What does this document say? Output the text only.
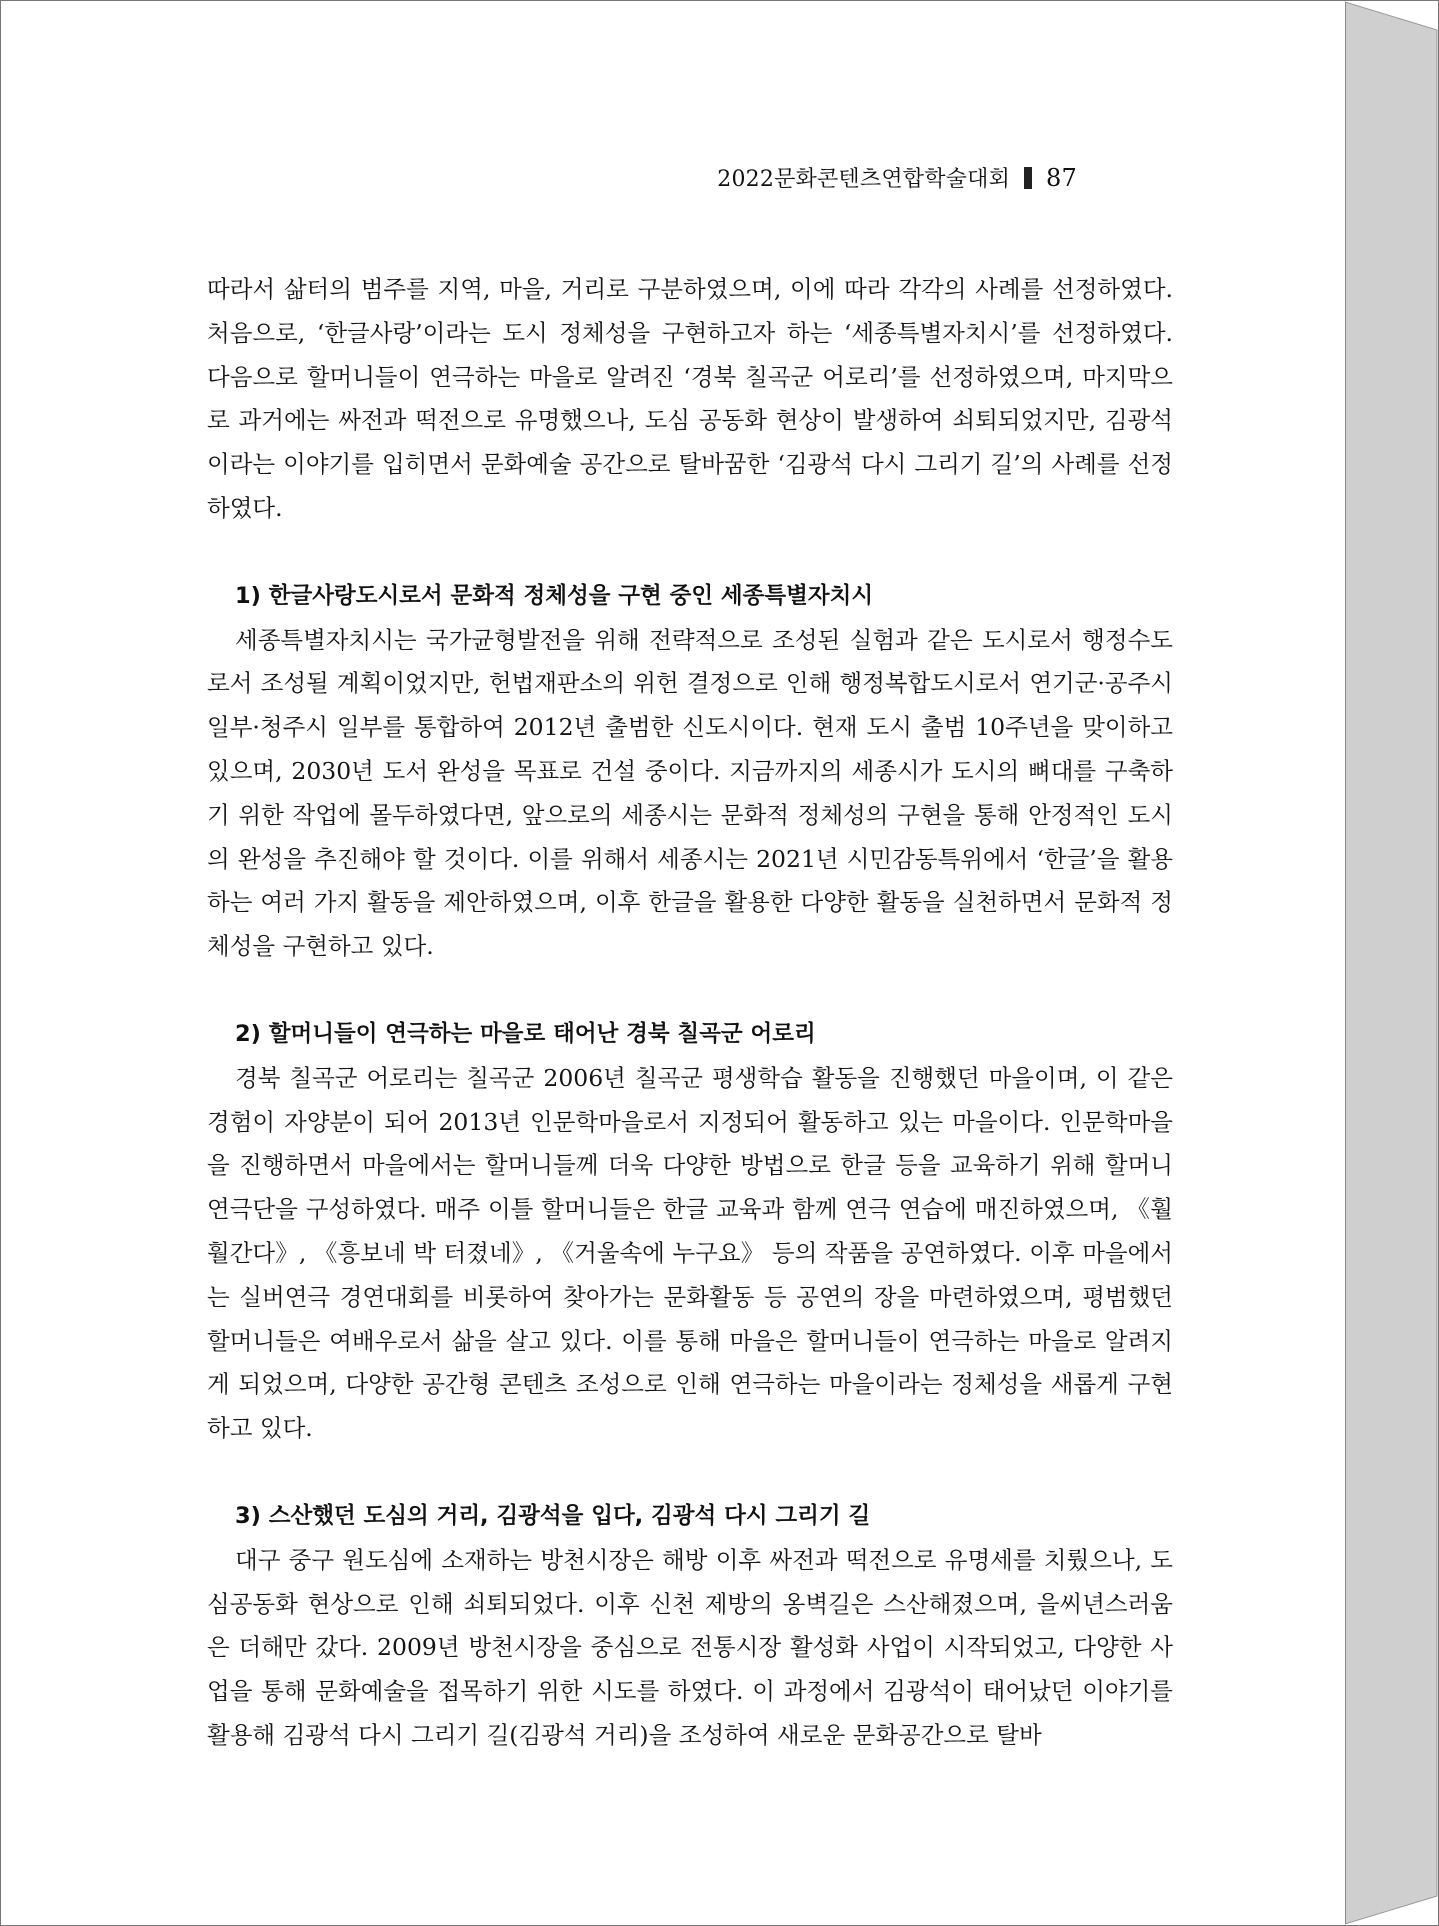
2022문화콘텐츠연합학술대회 87

따라서 삶터의 범주를 지역, 마을, 거리로 구분하였으며, 이에 따라 각각의 사례를 선정하였다. 처음으로, ‘한글사랑’이라는 도시 정체성을 구현하고자 하는 ‘세종특별자치시’를 선정하였다. 다음으로 할머니들이 연극하는 마을로 알려진 ‘경북 칠곡군 어로리’를 선정하였으며, 마지막으로 과거에는 싸전과 떡전으로 유명했으나, 도심 공동화 현상이 발생하여 쇠퇴되었지만, 김광석이라는 이야기를 입히면서 문화예술 공간으로 탈바꿈한 ‘김광석 다시 그리기 길’의 사례를 선정하였다.

1) 한글사랑도시로서 문화적 정체성을 구현 중인 세종특별자치시

세종특별자치시는 국가균형발전을 위해 전략적으로 조성된 실험과 같은 도시로서 행정수도로서 조성될 계획이었지만, 헌법재판소의 위헌 결정으로 인해 행정복합도시로서 연기군·공주시 일부·청주시 일부를 통합하여 2012년 출범한 신도시이다. 현재 도시 출범 10주년을 맞이하고 있으며, 2030년 도서 완성을 목표로 건설 중이다. 지금까지의 세종시가 도시의 뼈대를 구축하기 위한 작업에 몰두하였다면, 앞으로의 세종시는 문화적 정체성의 구현을 통해 안정적인 도시의 완성을 추진해야 할 것이다. 이를 위해서 세종시는 2021년 시민감동특위에서 ‘한글’을 활용하는 여러 가지 활동을 제안하였으며, 이후 한글을 활용한 다양한 활동을 실천하면서 문화적 정체성을 구현하고 있다.

2) 할머니들이 연극하는 마을로 태어난 경북 칠곡군 어로리

경북 칠곡군 어로리는 칠곡군 2006년 칠곡군 평생학습 활동을 진행했던 마을이며, 이 같은 경험이 자양분이 되어 2013년 인문학마을로서 지정되어 활동하고 있는 마을이다. 인문학마을을 진행하면서 마을에서는 할머니들께 더욱 다양한 방법으로 한글 등을 교육하기 위해 할머니연극단을 구성하였다. 매주 이틀 할머니들은 한글 교육과 함께 연극 연습에 매진하였으며, 《훨훨간다》, 《흥보네 박 터졌네》, 《거울속에 누구요》 등의 작품을 공연하였다. 이후 마을에서는 실버연극 경연대회를 비롯하여 찾아가는 문화활동 등 공연의 장을 마련하였으며, 평범했던 할머니들은 여배우로서 삶을 살고 있다. 이를 통해 마을은 할머니들이 연극하는 마을로 알려지게 되었으며, 다양한 공간형 콘텐츠 조성으로 인해 연극하는 마을이라는 정체성을 새롭게 구현하고 있다.

3) 스산했던 도심의 거리, 김광석을 입다, 김광석 다시 그리기 길

대구 중구 원도심에 소재하는 방천시장은 해방 이후 싸전과 떡전으로 유명세를 치뤘으나, 도심공동화 현상으로 인해 쇠퇴되었다. 이후 신천 제방의 옹벽길은 스산해졌으며, 을씨년스러움은 더해만 갔다. 2009년 방천시장을 중심으로 전통시장 활성화 사업이 시작되었고, 다양한 사업을 통해 문화예술을 접목하기 위한 시도를 하였다. 이 과정에서 김광석이 태어났던 이야기를 활용해 김광석 다시 그리기 길(김광석 거리)을 조성하여 새로운 문화공간으로 탈바
